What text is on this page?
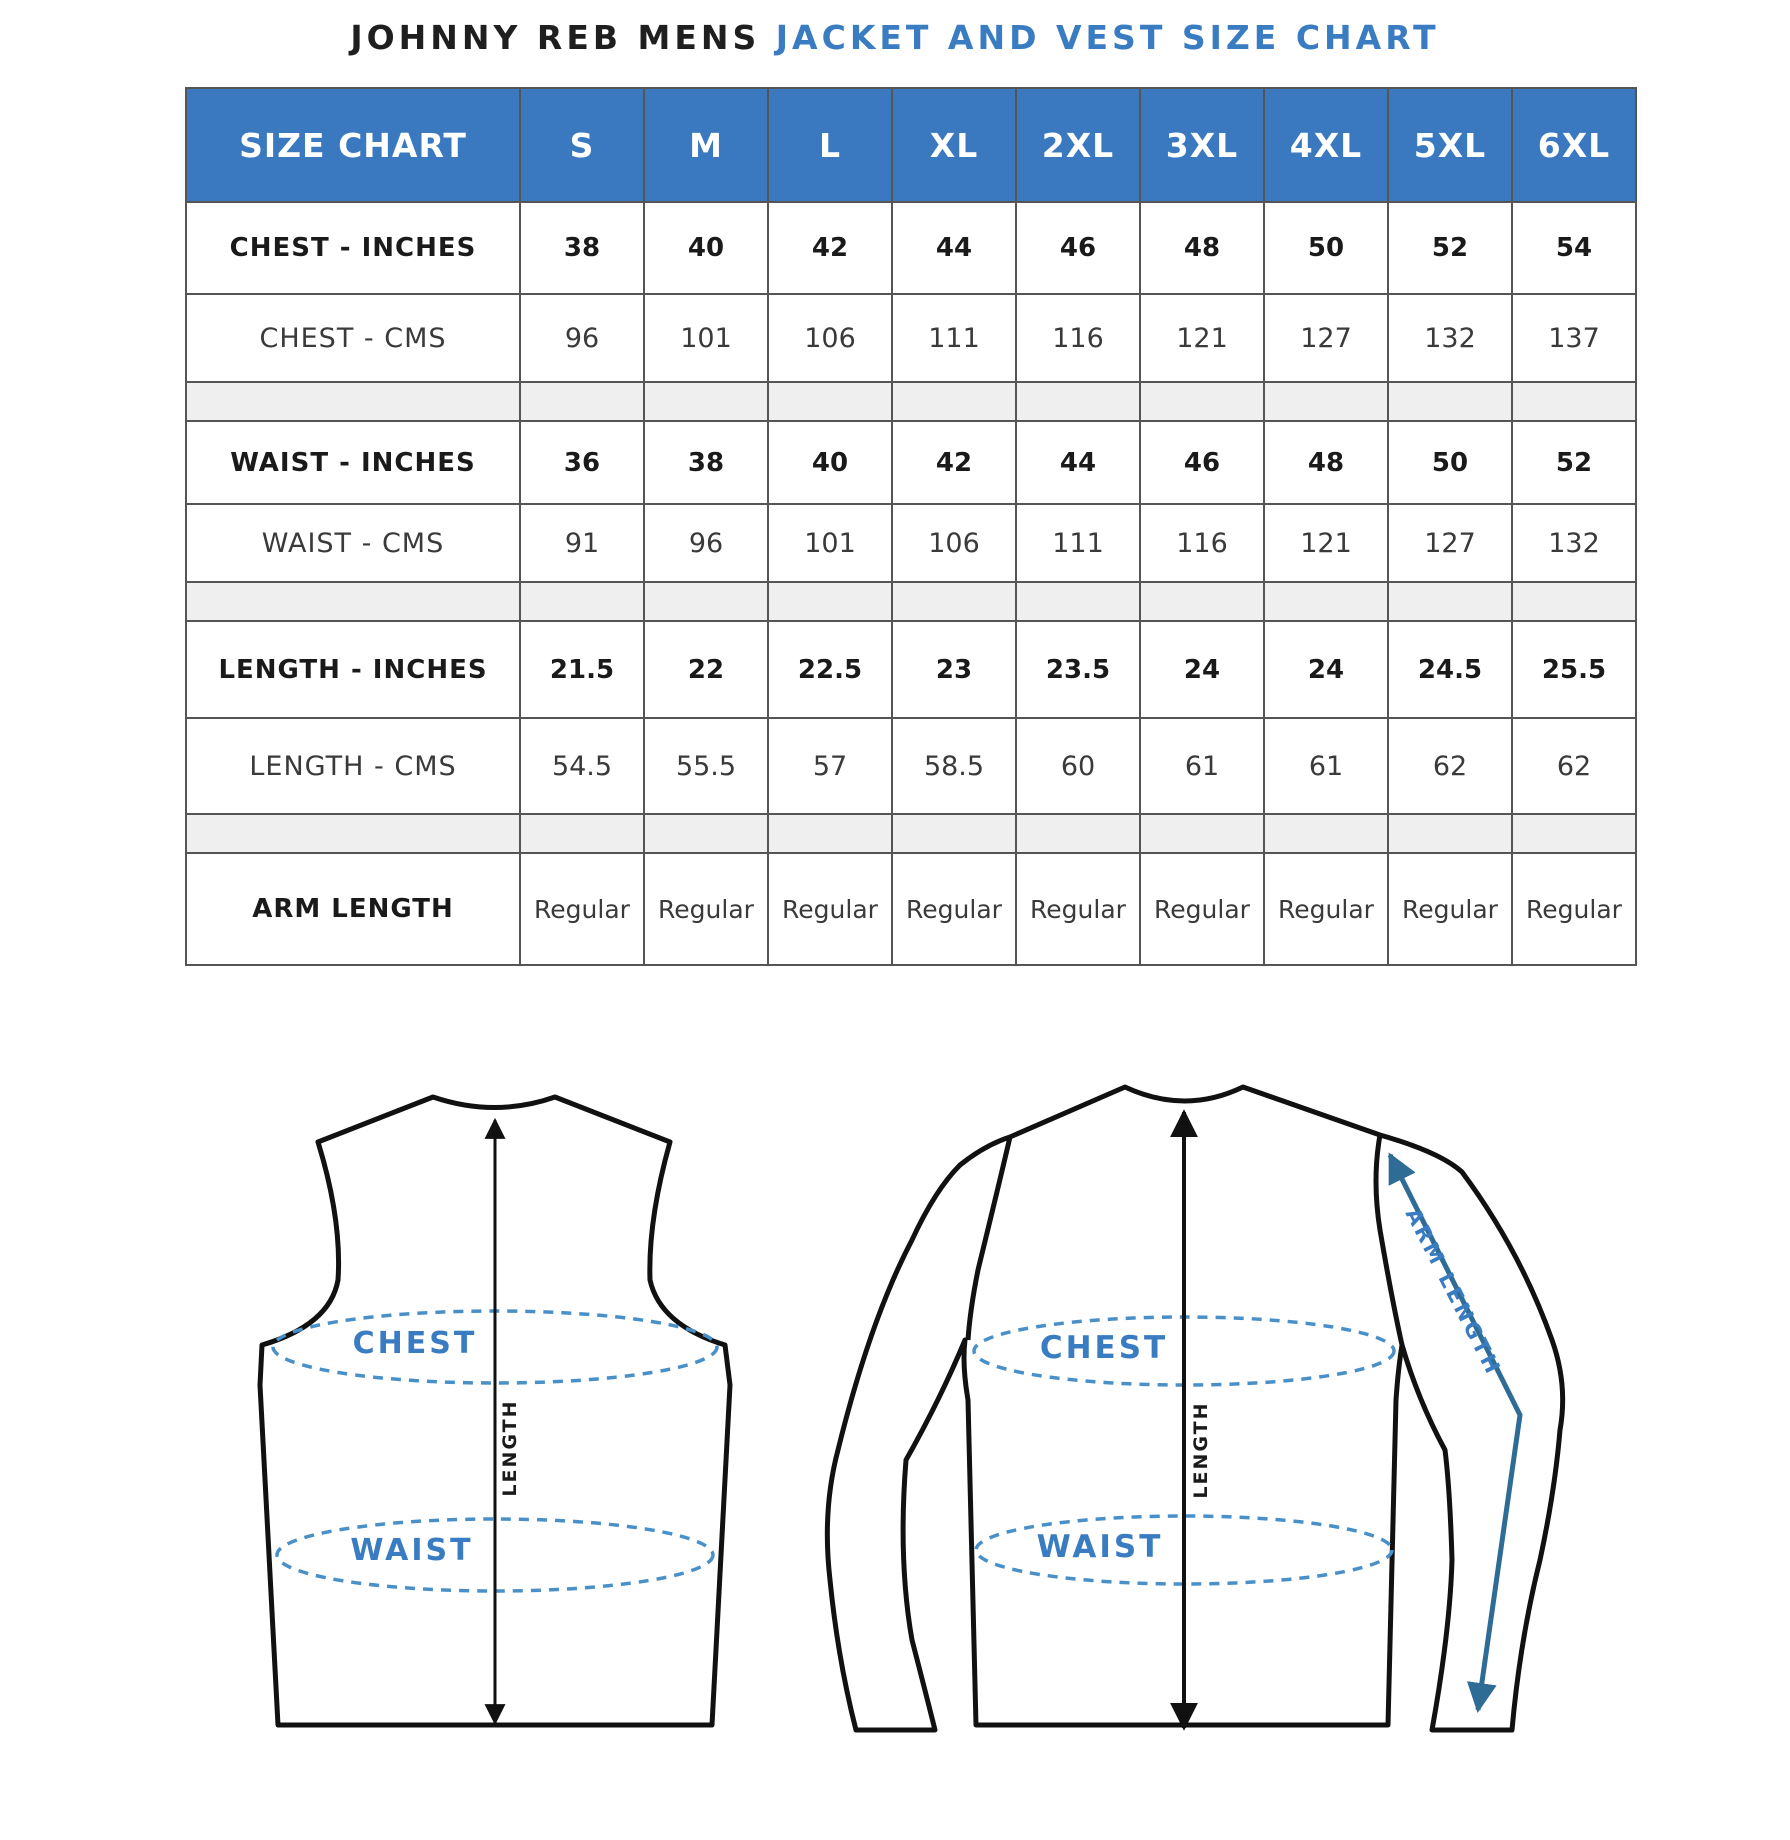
JOHNNY REB MENS JACKET AND VEST SIZE CHART
SIZE CHART	S	M	L	XL	2XL	3XL	4XL	5XL	6XL
CHEST - INCHES	38	40	42	44	46	48	50	52	54
CHEST - CMS	96	101	106	111	116	121	127	132	137

WAIST - INCHES	36	38	40	42	44	46	48	50	52
WAIST - CMS	91	96	101	106	111	116	121	127	132

LENGTH - INCHES	21.5	22	22.5	23	23.5	24	24	24.5	25.5
LENGTH - CMS	54.5	55.5	57	58.5	60	61	61	62	62

ARM LENGTH	Regular	Regular	Regular	Regular	Regular	Regular	Regular	Regular	Regular
CHEST
WAIST
LENGTH
CHEST
WAIST
LENGTH
ARM LENGTH
